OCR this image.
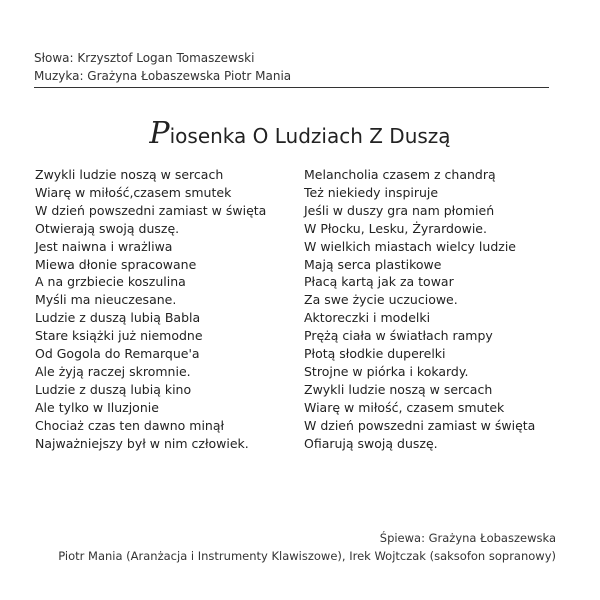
Słowa: Krzysztof Logan Tomaszewski
Muzyka: Grażyna Łobaszewska Piotr Mania
Piosenka O Ludziach Z Duszą
Zwykli ludzie noszą w sercach
Wiarę w miłość,czasem smutek
W dzień powszedni zamiast w święta
Otwierają swoją duszę.
Jest naiwna i wrażliwa
Miewa dłonie spracowane
A na grzbiecie koszulina
Myśli ma nieuczesane.
Ludzie z duszą lubią Babla
Stare książki już niemodne
Od Gogola do Remarque'a
Ale żyją raczej skromnie.
Ludzie z duszą lubią kino
Ale tylko w Iluzjonie
Chociaż czas ten dawno minął
Najważniejszy był w nim człowiek.
Melancholia czasem z chandrą
Też niekiedy inspiruje
Jeśli w duszy gra nam płomień
W Płocku, Lesku, Żyrardowie.
W wielkich miastach wielcy ludzie
Mają serca plastikowe
Płacą kartą jak za towar
Za swe życie uczuciowe.
Aktoreczki i modelki
Prężą ciała w światłach rampy
Płotą słodkie duperelki
Strojne w piórka i kokardy.
Zwykli ludzie noszą w sercach
Wiarę w miłość, czasem smutek
W dzień powszedni zamiast w święta
Ofiarują swoją duszę.
Śpiewa: Grażyna Łobaszewska
Piotr Mania (Aranżacja i Instrumenty Klawiszowe), Irek Wojtczak (saksofon sopranowy)
